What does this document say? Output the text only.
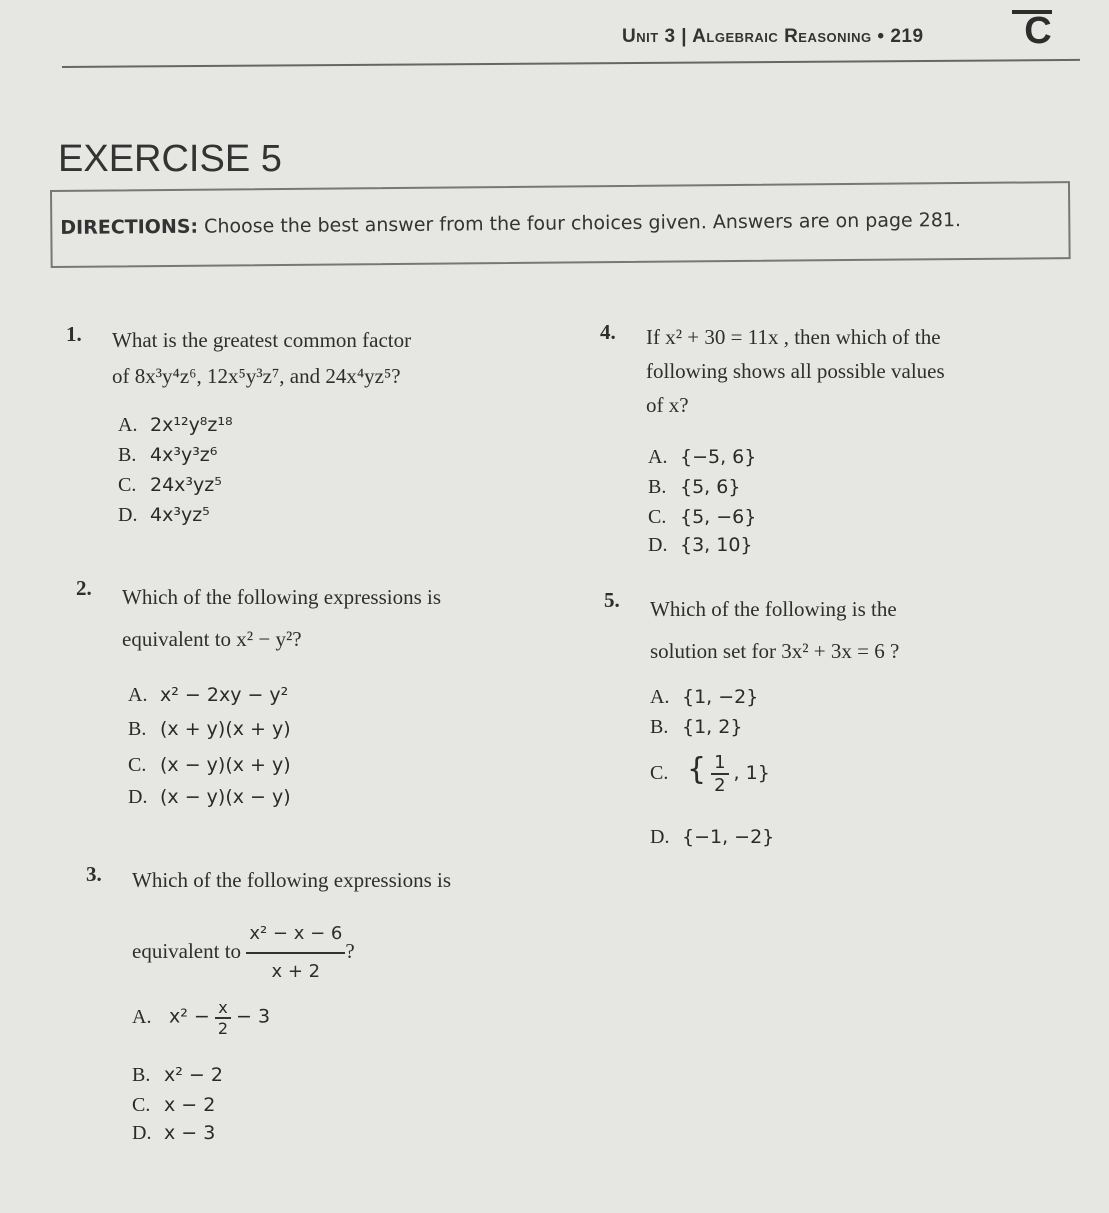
Unit 3 | Algebraic Reasoning • 219	C
EXERCISE 5
DIRECTIONS: Choose the best answer from the four choices given. Answers are on page 281.
1. What is the greatest common factor
of 8x³y⁴z⁶, 12x⁵y³z⁷, and 24x⁴yz⁵?
A. 2x¹²y⁸z¹⁸
B. 4x³y³z⁶
C. 24x³yz⁵
D. 4x³yz⁵
2. Which of the following expressions is
equivalent to x² − y²?
A. x² − 2xy − y²
B. (x + y)(x + y)
C. (x − y)(x + y)
D. (x − y)(x − y)
3. Which of the following expressions is
equivalent to $\frac{\text{x² − x − 6}}{x + 2}$ ?
A. $x^2 - \frac{x}{2} - 3$
B. x² − 2
C. x − 2
D. x − 3
4. If x² + 30 = 11x , then which of the
following shows all possible values
of x?
A. {−5, 6}
B. {5, 6}
C. {5, −6}
D. {3, 10}
5. Which of the following is the
solution set for 3x² + 3x = 6 ?
A. {1, −2}
B. {1, 2}
C. { $\frac{1}{2}$ , 1}
D. {−1, −2}
